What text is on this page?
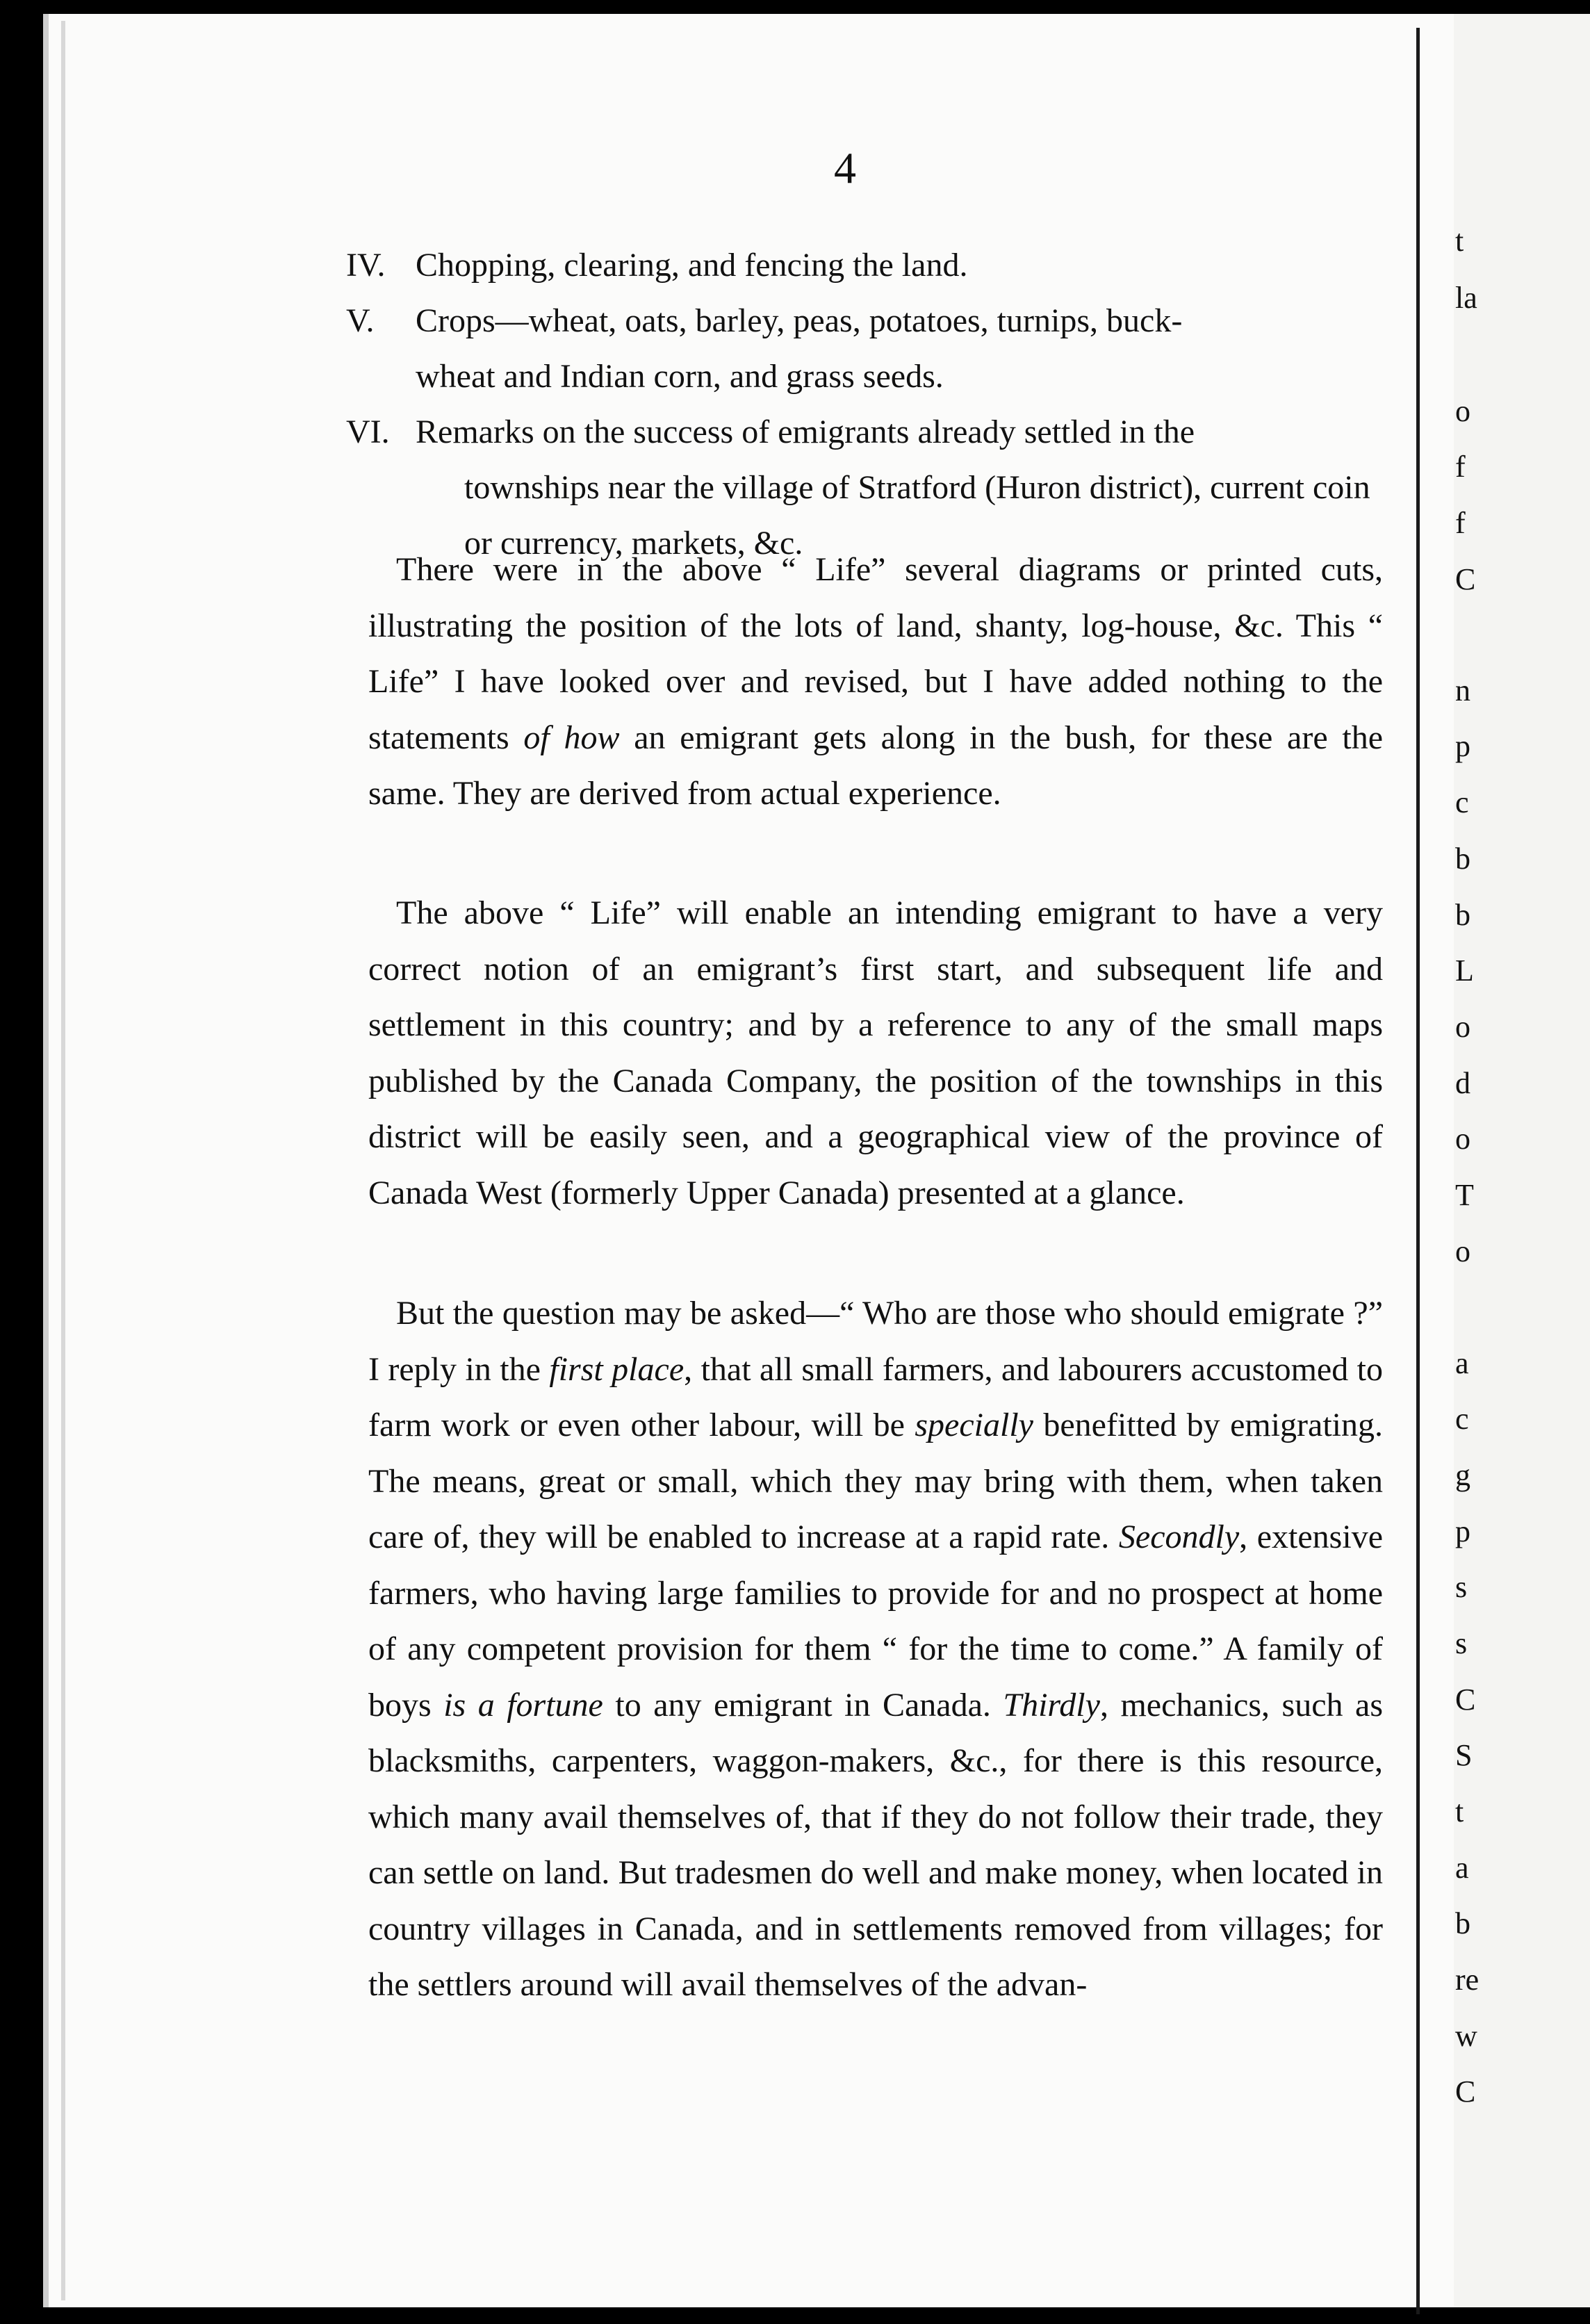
4
IV. Chopping, clearing, and fencing the land.
V. Crops—wheat, oats, barley, peas, potatoes, turnips, buck-
wheat and Indian corn, and grass seeds.
VI. Remarks on the success of emigrants already settled in the
townships near the village of Stratford (Huron district), current coin or currency, markets, &c.

There were in the above “ Life” several diagrams or printed cuts, illustrating the position of the lots of land, shanty, log-house, &c. This “ Life” I have looked over and revised, but I have added nothing to the statements of how an emigrant gets along in the bush, for these are the same. They are derived from actual experience.

The above “ Life” will enable an intending emigrant to have a very correct notion of an emigrant’s first start, and subsequent life and settlement in this country; and by a reference to any of the small maps published by the Canada Company, the position of the townships in this district will be easily seen, and a geographical view of the province of Canada West (formerly Upper Canada) presented at a glance.

But the question may be asked—“ Who are those who should emigrate ?” I reply in the first place, that all small farmers, and labourers accustomed to farm work or even other labour, will be specially benefitted by emigrating. The means, great or small, which they may bring with them, when taken care of, they will be enabled to increase at a rapid rate. Secondly, extensive farmers, who having large families to provide for and no prospect at home of any competent provision for them “ for the time to come.” A family of boys is a fortune to any emigrant in Canada. Thirdly, mechanics, such as blacksmiths, carpenters, waggon-makers, &c., for there is this resource, which many avail themselves of, that if they do not follow their trade, they can settle on land. But tradesmen do well and make money, when located in country villages in Canada, and in settlements removed from villages; for the settlers around will avail themselves of the advan-

t
la
o
f
f
C
n
p
c
b
b
L
o
d
o
T
o
a
c
g
p
s
s
C
S
t
a
b
re
w
C
